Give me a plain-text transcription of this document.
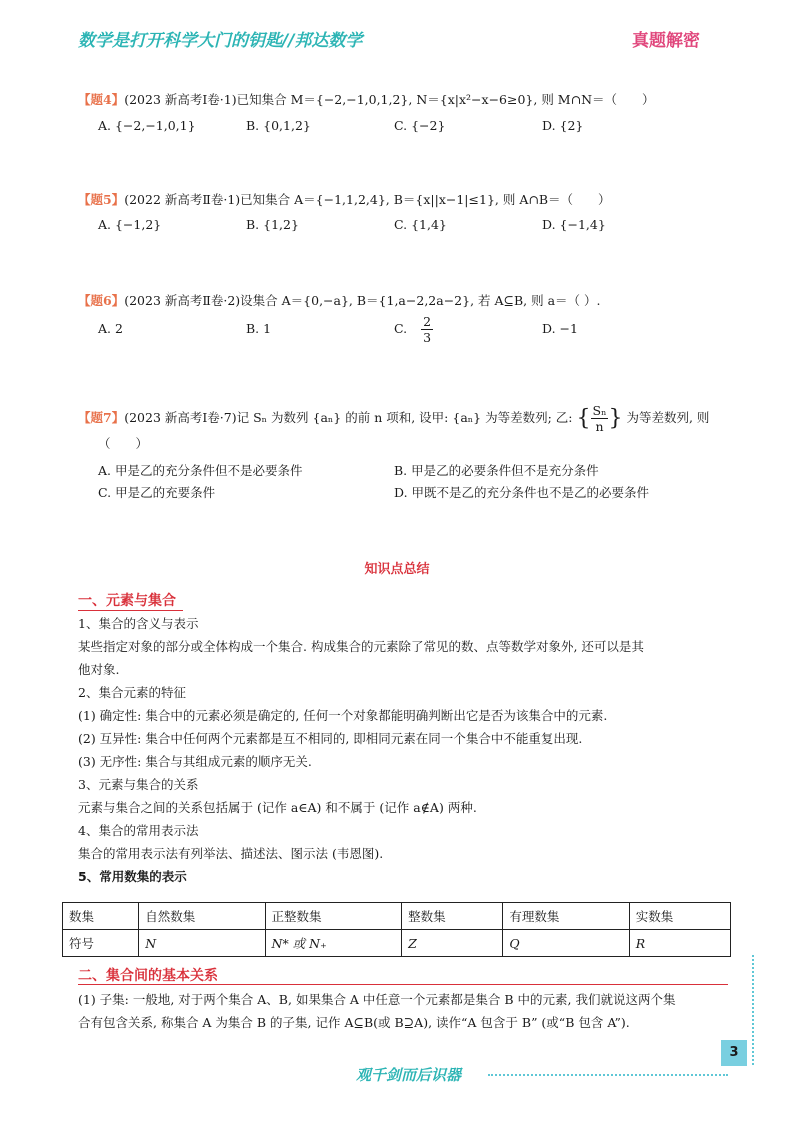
数学是打开科学大门的钥匙//邦达数学	真题解密
【题4】(2023 新高考Ⅰ卷·1)已知集合 M＝{−2,−1,0,1,2}, N＝{x|x²−x−6≥0}, 则 M∩N＝（　　）
A. {−2,−1,0,1}	B. {0,1,2}	C. {−2}	D. {2}
【题5】(2022 新高考Ⅱ卷·1)已知集合 A＝{−1,1,2,4}, B＝{x||x−1|≤1}, 则 A∩B＝（　　）
A. {−1,2}	B. {1,2}	C. {1,4}	D. {−1,4}
【题6】(2023 新高考Ⅱ卷·2)设集合 A＝{0,−a}, B＝{1,a−2,2a−2}, 若 A⊆B, 则 a＝（ ）.
A. 2	B. 1	C. $\frac{2}{3}$	D. −1
【题7】(2023 新高考Ⅰ卷·7)记 Sₙ 为数列 {aₙ} 的前 n 项和, 设甲: {aₙ} 为等差数列; 乙: { $\frac{\text{Sₙ}}{n}$ } 为等差数列, 则
（　　）
A. 甲是乙的充分条件但不是必要条件	B. 甲是乙的必要条件但不是充分条件
C. 甲是乙的充要条件	D. 甲既不是乙的充分条件也不是乙的必要条件
知识点总结
一、元素与集合
1、集合的含义与表示
某些指定对象的部分或全体构成一个集合. 构成集合的元素除了常见的数、点等数学对象外, 还可以是其
他对象.
2、集合元素的特征
(1) 确定性: 集合中的元素必须是确定的, 任何一个对象都能明确判断出它是否为该集合中的元素.
(2) 互异性: 集合中任何两个元素都是互不相同的, 即相同元素在同一个集合中不能重复出现.
(3) 无序性: 集合与其组成元素的顺序无关.
3、元素与集合的关系
元素与集合之间的关系包括属于 (记作 a∈A) 和不属于 (记作 a∉A) 两种.
4、集合的常用表示法
集合的常用表示法有列举法、描述法、图示法 (韦恩图).
5、常用数集的表示
数集	自然数集	正整数集	整数集	有理数集	实数集
符号	N	N* 或 N₊	Z	Q	R
二、集合间的基本关系
(1) 子集: 一般地, 对于两个集合 A、B, 如果集合 A 中任意一个元素都是集合 B 中的元素, 我们就说这两个集
合有包含关系, 称集合 A 为集合 B 的子集, 记作 A⊆B(或 B⊇A), 读作“A 包含于 B” (或“B 包含 A”).
3
观千剑而后识器
